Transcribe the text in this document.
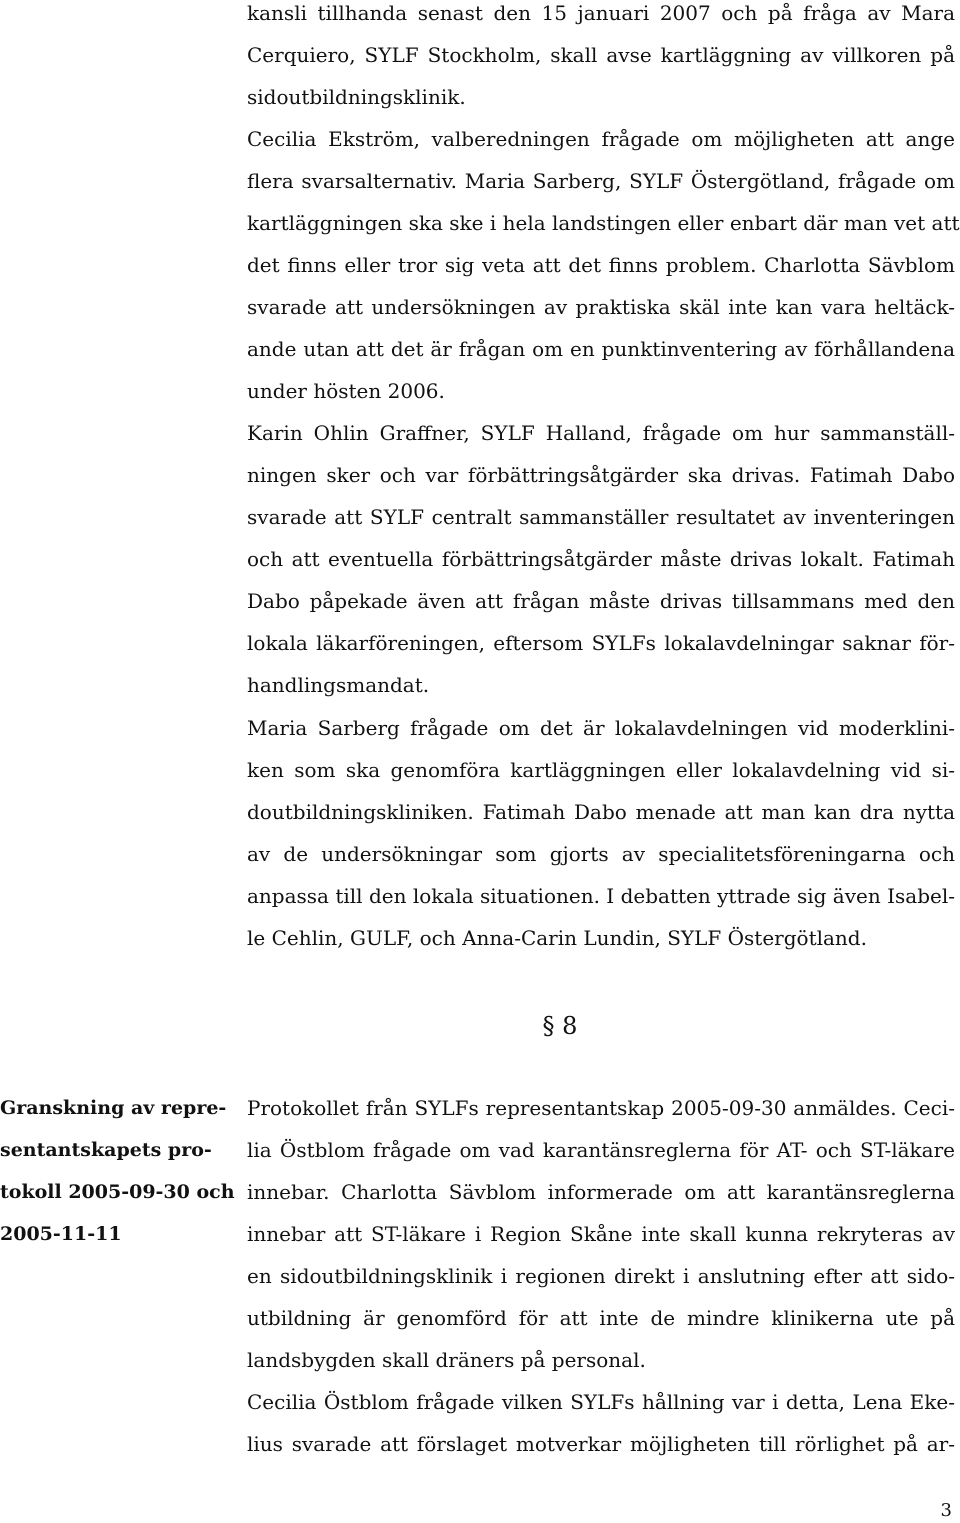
kansli tillhanda senast den 15 januari 2007 och på fråga av Mara
Cerquiero, SYLF Stockholm, skall avse kartläggning av villkoren på
sidoutbildningsklinik.
Cecilia Ekström, valberedningen frågade om möjligheten att ange
flera svarsalternativ. Maria Sarberg, SYLF Östergötland, frågade om
kartläggningen ska ske i hela landstingen eller enbart där man vet att
det finns eller tror sig veta att det finns problem. Charlotta Sävblom
svarade att undersökningen av praktiska skäl inte kan vara heltäck-
ande utan att det är frågan om en punktinventering av förhållandena
under hösten 2006.
Karin Ohlin Graffner, SYLF Halland, frågade om hur sammanställ-
ningen sker och var förbättringsåtgärder ska drivas. Fatimah Dabo
svarade att SYLF centralt sammanställer resultatet av inventeringen
och att eventuella förbättringsåtgärder måste drivas lokalt. Fatimah
Dabo påpekade även att frågan måste drivas tillsammans med den
lokala läkarföreningen, eftersom SYLFs lokalavdelningar saknar för-
handlingsmandat.
Maria Sarberg frågade om det är lokalavdelningen vid moderklini-
ken som ska genomföra kartläggningen eller lokalavdelning vid si-
doutbildningskliniken. Fatimah Dabo menade att man kan dra nytta
av de undersökningar som gjorts av specialitetsföreningarna och
anpassa till den lokala situationen. I debatten yttrade sig även Isabel-
le Cehlin, GULF, och Anna-Carin Lundin, SYLF Östergötland.
§ 8
Granskning av repre-
sentantskapets pro-
tokoll 2005-09-30 och
2005-11-11
Protokollet från SYLFs representantskap 2005-09-30 anmäldes. Ceci-
lia Östblom frågade om vad karantänsreglerna för AT- och ST-läkare
innebar. Charlotta Sävblom informerade om att karantänsreglerna
innebar att ST-läkare i Region Skåne inte skall kunna rekryteras av
en sidoutbildningsklinik i regionen direkt i anslutning efter att sido-
utbildning är genomförd för att inte de mindre klinikerna ute på
landsbygden skall dräners på personal.
Cecilia Östblom frågade vilken SYLFs hållning var i detta, Lena Eke-
lius svarade att förslaget motverkar möjligheten till rörlighet på ar-
3
